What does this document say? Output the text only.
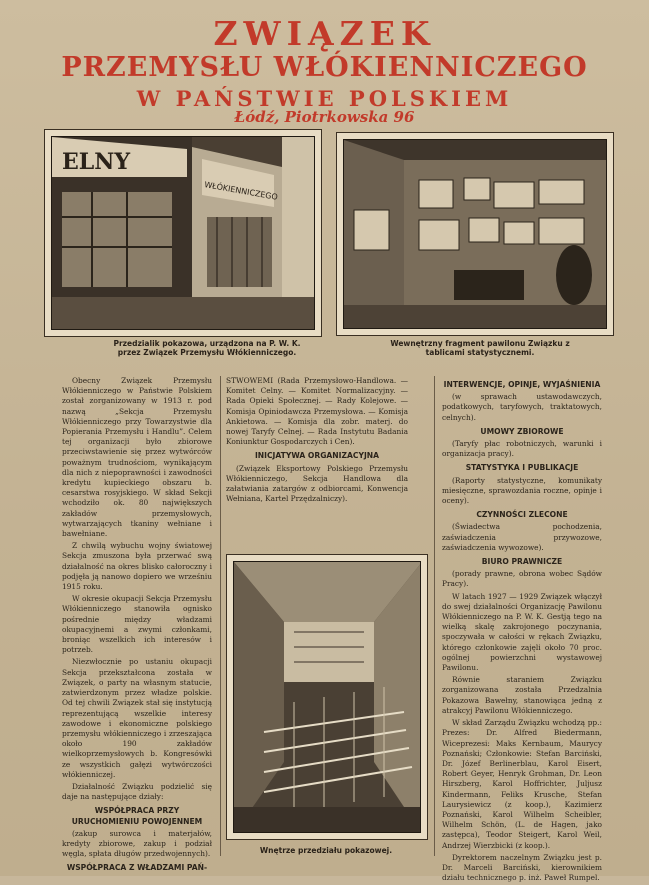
ZWIĄZEK
PRZEMYSŁU WŁÓKIENNICZEGO
W PAŃSTWIE POLSKIEM
Łódź, Piotrkowska 96
ELNY
WŁÓKIENNICZEGO
Przedzialik pokazowa, urządzona na P. W. K. przez Związek Przemysłu Włókienniczego.
Wewnętrzny fragment pawilonu Związku z tablicami statystycznemi.

Obecny Związek Przemysłu Włókienniczego w Państwie Polskiem został zorganizowany w 1913 r. pod nazwą „Sekcja Przemysłu Włókienniczego przy Towarzystwie dla Popierania Przemysłu i Handlu”. Celem tej organizacji było zbiorowe przeciwstawienie się przez wytwórców poważnym trudnościom, wynikającym dla nich z niepoprawności i zawodności kredytu kupieckiego obszaru b. cesarstwa rosyjskiego. W skład Sekcji wchodziło ok. 80 największych zakładów przemysłowych, wytwarzających tkaniny wełniane i bawełniane.

Z chwilą wybuchu wojny światowej Sekcja zmuszona była przerwać swą działalność na okres blisko całoroczny i podjęła ją nanowo dopiero we wrześniu 1915 roku.

W okresie okupacji Sekcja Przemysłu Włókienniczego stanowiła ognisko pośrednie między władzami okupacyjnemi a zwymi członkami, broniąc wszelkich ich interesów i potrzeb.

Niezwłocznie po ustaniu okupacji Sekcja przekształcona została w Związek, o party na własnym statucie, zatwierdzonym przez władze polskie. Od tej chwili Związek stał się instytucją reprezentującą wszelkie interesy zawodowe i ekonomiczne polskiego przemysłu włókienniczego i zrzeszająca około 190 zakładów wielkoprzemysłowych b. Kongresówki ze wszystkich gałęzi wytwórczości włókienniczej.

Działalność Związku podzielić się daje na następujące działy:

WSPÓŁPRACA PRZY URUCHOMIENIU POWOJENNEM

(zakup surowca i materjałów, kredyty zbiorowe, zakup i podział węgla, spłata długów przedwojennych).

WSPÓŁPRACA Z WŁADZAMI PAŃ-

STWOWEMI (Rada Przemysłowo-Handlowa. — Komitet Celny. — Komitet Normalizacyjny. — Rada Opieki Społecznej. — Rady Kolejowe. — Komisja Opiniodawcza Przemysłowa. — Komisja Ankietowa. — Komisja dla zobr. materj. do nowej Taryfy Celnej. — Rada Instytutu Badania Koniunktur Gospodarczych i Cen).

INICJATYWA ORGANIZACYJNA

(Związek Eksportowy Polskiego Przemysłu Włókienniczego, Sekcja Handlowa dla załatwiania zatargów z odbiorcami, Konwencja Wełniana, Kartel Przędzalniczy).

Wnętrze przedziału pokazowej.

INTERWENCJE, OPINJE, WYJAŚNIENIA

(w sprawach ustawodawczych, podatkowych, taryfowych, traktatowych, celnych).

UMOWY ZBIOROWE

(Taryfy płac robotniczych, warunki i organizacja pracy).

STATYSTYKA I PUBLIKACJE

(Raporty statystyczne, komunikaty miesięczne, sprawozdania roczne, opinje i oceny).

CZYNNOŚCI ZLECONE

(Świadectwa pochodzenia, zaświadczenia przywozowe, zaświadczenia wywozowe).

BIURO PRAWNICZE

(porady prawne, obrona wobec Sądów Pracy).

W latach 1927 — 1929 Związek włączył do swej działalności Organizację Pawilonu Włókienniczego na P. W. K. Gestją tego na wielką skalę zakrojonego poczynania, spoczywała w całości w rękach Związku, którego członkowie zajęli około 70 proc. ogólnej powierzchni wystawowej Pawilonu.

Równie staraniem Związku zorganizowana została Przedzalnia Pokazowa Bawełny, stanowiąca jedną z atrakcyj Pawilonu Włókienniczego.

W skład Zarządu Związku wchodzą pp.: Prezes: Dr. Alfred Biedermann, Wiceprezesi: Maks Kernbaum, Maurycy Poznański; Członkowie: Stefan Barciński, Dr. Józef Berlinerblau, Karol Eisert, Robert Geyer, Henryk Grohman, Dr. Leon Hirszberg, Karol Hoffrichter, Juljusz Kindermann, Feliks Krusche, Stefan Laurysiewicz (z koop.), Kazimierz Poznański, Karol Wilhelm Scheibler, Wilhelm Schön, (L. de Hagen, jako zastępca), Teodor Steigert, Karol Weil, Andrzej Wierzbicki (z koop.).

Dyrektorem naczelnym Związku jest p. Dr. Marceli Barciński, kierownikiem działu technicznego p. inż. Paweł Rumpel.
